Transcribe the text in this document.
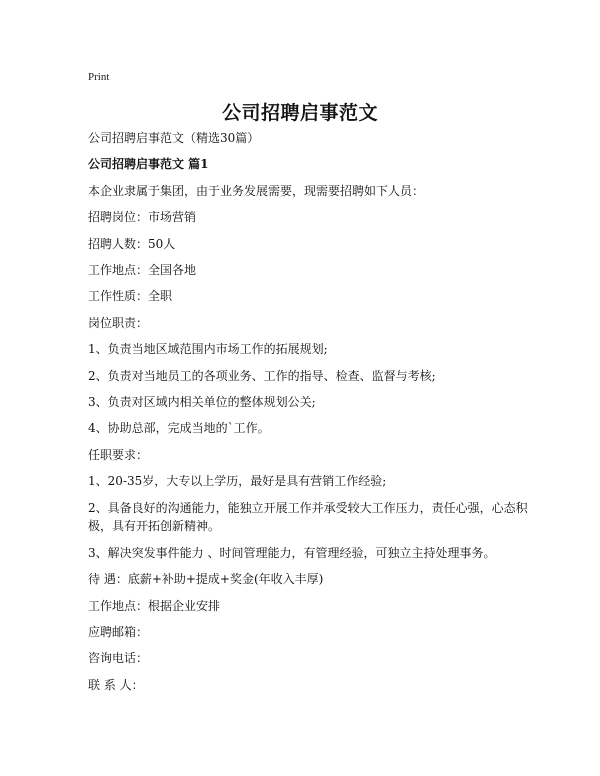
Print
公司招聘启事范文
公司招聘启事范文（精选30篇）
公司招聘启事范文 篇1
本企业隶属于集团，由于业务发展需要，现需要招聘如下人员：
招聘岗位：市场营销
招聘人数：50人
工作地点：全国各地
工作性质：全职
岗位职责：
1、负责当地区域范围内市场工作的拓展规划;
2、负责对当地员工的各项业务、工作的指导、检查、监督与考核;
3、负责对区域内相关单位的整体规划公关;
4、协助总部，完成当地的`工作。
任职要求：
1、20-35岁，大专以上学历，最好是具有营销工作经验;
2、具备良好的沟通能力，能独立开展工作并承受较大工作压力，责任心强，心态积极，具有开拓创新精神。
3、解决突发事件能力 、时间管理能力，有管理经验，可独立主持处理事务。
待 遇：底薪+补助+提成+奖金(年收入丰厚)
工作地点：根据企业安排
应聘邮箱：
咨询电话：
联 系 人：
